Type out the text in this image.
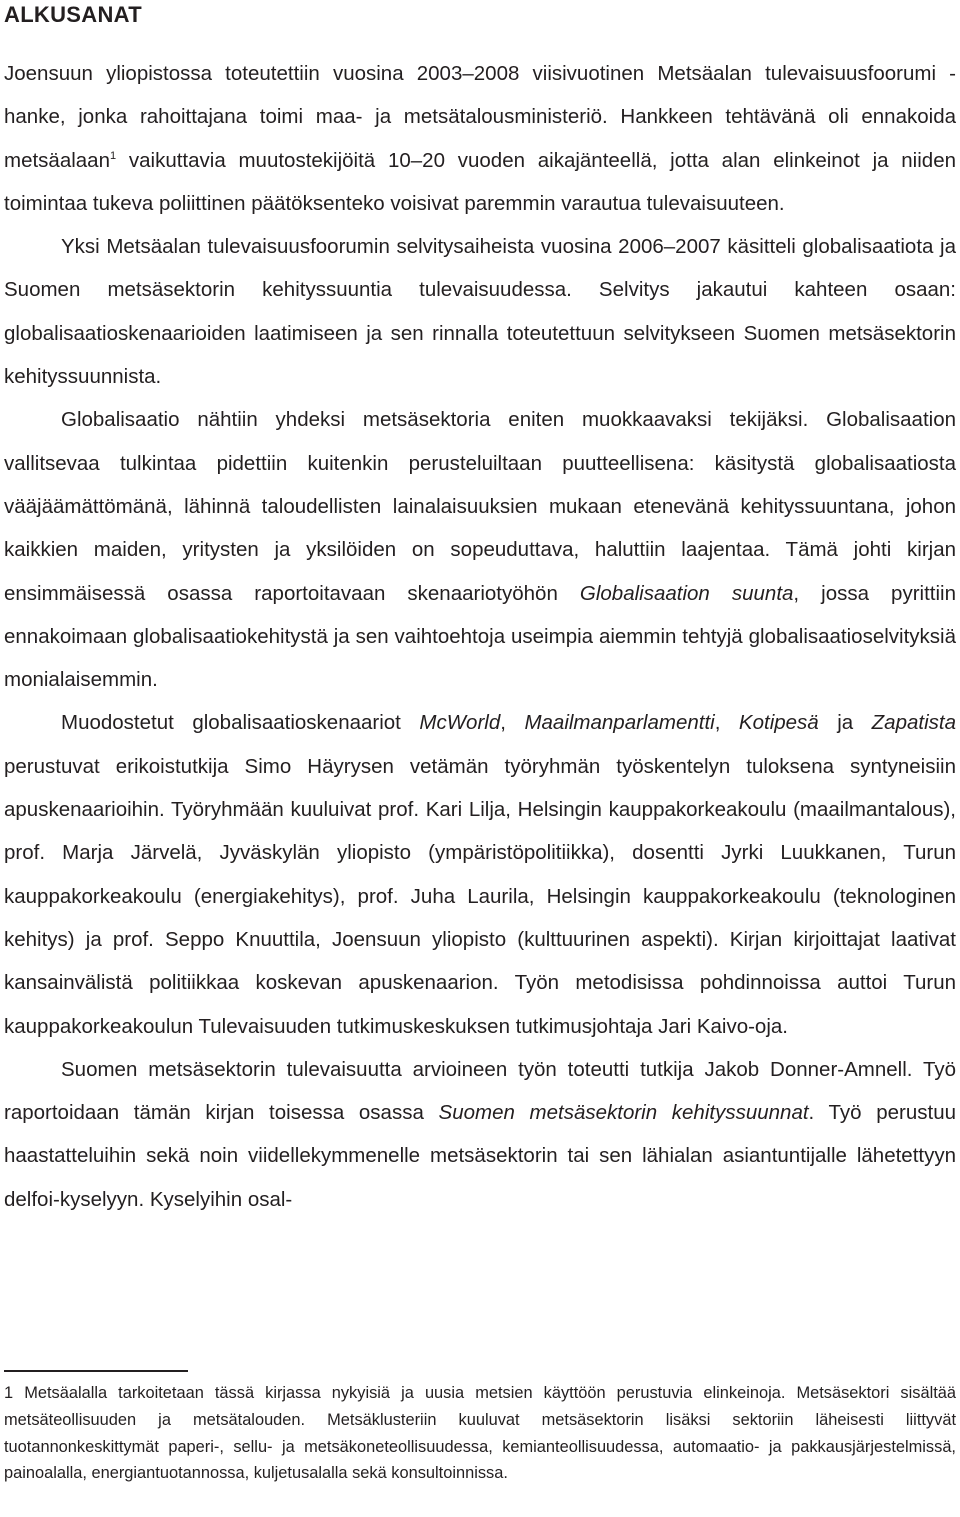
ALKUSANAT

Joensuun yliopistossa toteutettiin vuosina 2003–2008 viisivuotinen Metsäalan tulevaisuusfoorumi -hanke, jonka rahoittajana toimi maa- ja metsätalousministeriö. Hankkeen tehtävänä oli ennakoida metsäalaan$^1$ vaikuttavia muutostekijöitä 10–20 vuoden aikajänteellä, jotta alan elinkeinot ja niiden toimintaa tukeva poliittinen päätöksenteko voisivat paremmin varautua tulevaisuuteen.

Yksi Metsäalan tulevaisuusfoorumin selvitysaiheista vuosina 2006–2007 käsitteli globalisaatiota ja Suomen metsäsektorin kehityssuuntia tulevaisuudessa. Selvitys jakautui kahteen osaan: globalisaatioskenaarioiden laatimiseen ja sen rinnalla toteutettuun selvitykseen Suomen metsäsektorin kehityssuunnista.

Globalisaatio nähtiin yhdeksi metsäsektoria eniten muokkaavaksi tekijäksi. Globalisaation vallitsevaa tulkintaa pidettiin kuitenkin perusteluiltaan puutteellisena: käsitystä globalisaatiosta vääjäämättömänä, lähinnä taloudellisten lainalaisuuksien mukaan etenevänä kehityssuuntana, johon kaikkien maiden, yritysten ja yksilöiden on sopeuduttava, haluttiin laajentaa. Tämä johti kirjan ensimmäisessä osassa raportoitavaan skenaariotyöhön Globalisaation suunta, jossa pyrittiin ennakoimaan globalisaatiokehitystä ja sen vaihtoehtoja useimpia aiemmin tehtyjä globalisaatioselvityksiä monialaisemmin.

Muodostetut globalisaatioskenaariot McWorld, Maailmanparlamentti, Kotipesä ja Zapatista perustuvat erikoistutkija Simo Häyrysen vetämän työryhmän työskentelyn tuloksena syntyneisiin apuskenaarioihin. Työryhmään kuuluivat prof. Kari Lilja, Helsingin kauppakorkeakoulu (maailmantalous), prof. Marja Järvelä, Jyväskylän yliopisto (ympäristöpolitiikka), dosentti Jyrki Luukkanen, Turun kauppakorkeakoulu (energiakehitys), prof. Juha Laurila, Helsingin kauppakorkeakoulu (teknologinen kehitys) ja prof. Seppo Knuuttila, Joensuun yliopisto (kulttuurinen aspekti). Kirjan kirjoittajat laativat kansainvälistä politiikkaa koskevan apuskenaarion. Työn metodisissa pohdinnoissa auttoi Turun kauppakorkeakoulun Tulevaisuuden tutkimuskeskuksen tutkimusjohtaja Jari Kaivo-oja.

Suomen metsäsektorin tulevaisuutta arvioineen työn toteutti tutkija Jakob Donner-Amnell. Työ raportoidaan tämän kirjan toisessa osassa Suomen metsäsektorin kehityssuunnat. Työ perustuu haastatteluihin sekä noin viidellekymmenelle metsäsektorin tai sen lähialan asiantuntijalle lähetettyyn delfoi-kyselyyn. Kyselyihin osal-

1 Metsäalalla tarkoitetaan tässä kirjassa nykyisiä ja uusia metsien käyttöön perustuvia elinkeinoja. Metsäsektori sisältää metsäteollisuuden ja metsätalouden. Metsäklusteriin kuuluvat metsäsektorin lisäksi sektoriin läheisesti liittyvät tuotannonkeskittymät paperi-, sellu- ja metsäkoneteollisuudessa, kemianteollisuudessa, automaatio- ja pakkausjärjestelmissä, painoalalla, energiantuotannossa, kuljetusalalla sekä konsultoinnissa.
